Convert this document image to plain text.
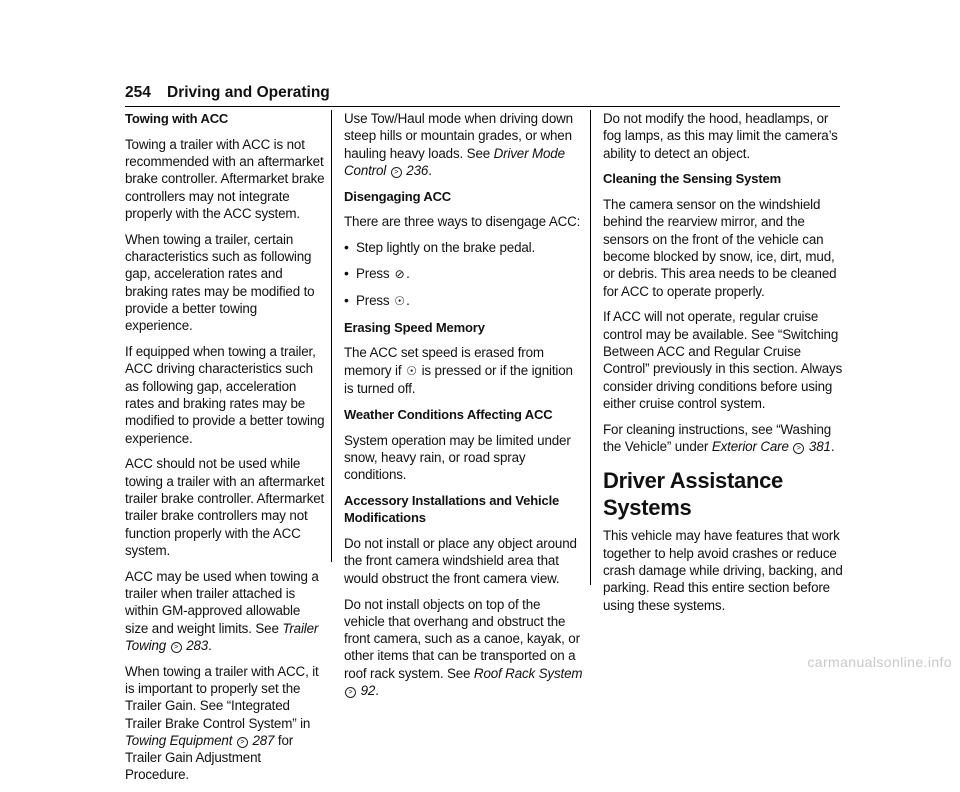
254 Driving and Operating
Towing with ACC

Towing a trailer with ACC is not recommended with an aftermarket brake controller. Aftermarket brake controllers may not integrate properly with the ACC system.

When towing a trailer, certain characteristics such as following gap, acceleration rates and braking rates may be modified to provide a better towing experience.

If equipped when towing a trailer, ACC driving characteristics such as following gap, acceleration rates and braking rates may be modified to provide a better towing experience.

ACC should not be used while towing a trailer with an aftermarket trailer brake controller. Aftermarket trailer brake controllers may not function properly with the ACC system.

ACC may be used when towing a trailer when trailer attached is within GM-approved allowable size and weight limits. See Trailer Towing > 283.

When towing a trailer with ACC, it is important to properly set the Trailer Gain. See “Integrated Trailer Brake Control System” in Towing Equipment > 287 for Trailer Gain Adjustment Procedure.

Use Tow/Haul mode when driving down steep hills or mountain grades, or when hauling heavy loads. See Driver Mode Control > 236.

Disengaging ACC

There are three ways to disengage ACC:

• Step lightly on the brake pedal.
• Press ⊘ .
• Press ☉.
Erasing Speed Memory

The ACC set speed is erased from memory if ☉ is pressed or if the ignition is turned off.

Weather Conditions Affecting ACC

System operation may be limited under snow, heavy rain, or road spray conditions.

Accessory Installations and Vehicle Modifications

Do not install or place any object around the front camera windshield area that would obstruct the front camera view.

Do not install objects on top of the vehicle that overhang and obstruct the front camera, such as a canoe, kayak, or other items that can be transported on a roof rack system. See Roof Rack System > 92.

Do not modify the hood, headlamps, or fog lamps, as this may limit the camera’s ability to detect an object.

Cleaning the Sensing System

The camera sensor on the windshield behind the rearview mirror, and the sensors on the front of the vehicle can become blocked by snow, ice, dirt, mud, or debris. This area needs to be cleaned for ACC to operate properly.

If ACC will not operate, regular cruise control may be available. See “Switching Between ACC and Regular Cruise Control” previously in this section. Always consider driving conditions before using either cruise control system.

For cleaning instructions, see “Washing the Vehicle” under Exterior Care > 381.

Driver Assistance Systems

This vehicle may have features that work together to help avoid crashes or reduce crash damage while driving, backing, and parking. Read this entire section before using these systems.

carmanualsonline.info
